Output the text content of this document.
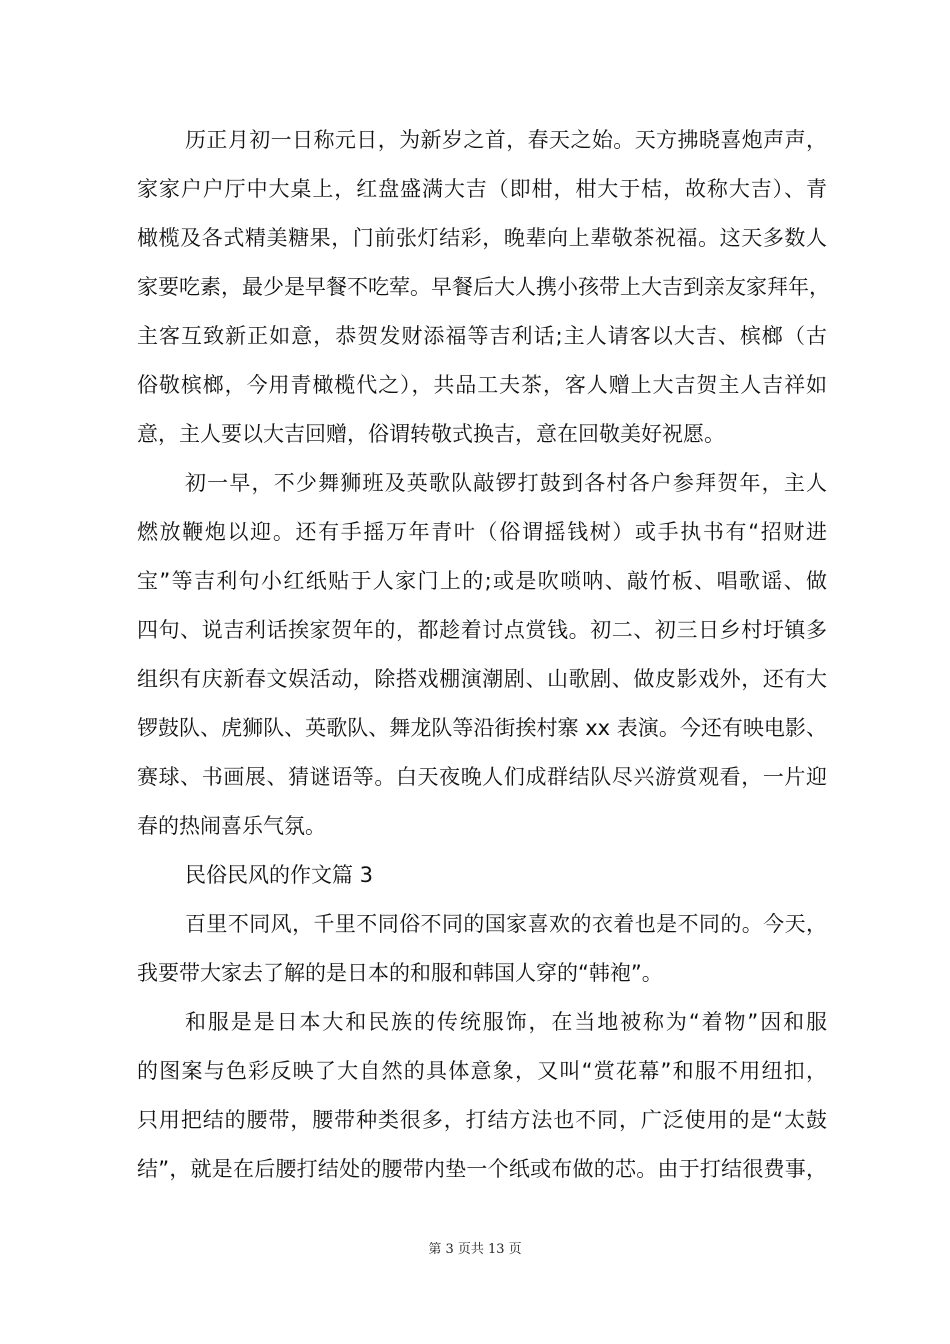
历正月初一日称元日，为新岁之首，春天之始。天方拂晓喜炮声声，
家家户户厅中大桌上，红盘盛满大吉（即柑，柑大于桔，故称大吉）、青
橄榄及各式精美糖果，门前张灯结彩，晚辈向上辈敬茶祝福。这天多数人
家要吃素，最少是早餐不吃荤。早餐后大人携小孩带上大吉到亲友家拜年，
主客互致新正如意，恭贺发财添福等吉利话;主人请客以大吉、槟榔（古
俗敬槟榔，今用青橄榄代之），共品工夫茶，客人赠上大吉贺主人吉祥如
意，主人要以大吉回赠，俗谓转敬式换吉，意在回敬美好祝愿。
初一早，不少舞狮班及英歌队敲锣打鼓到各村各户参拜贺年，主人
燃放鞭炮以迎。还有手摇万年青叶（俗谓摇钱树）或手执书有“招财进
宝”等吉利句小红纸贴于人家门上的;或是吹唢呐、敲竹板、唱歌谣、做
四句、说吉利话挨家贺年的，都趁着讨点赏钱。初二、初三日乡村圩镇多
组织有庆新春文娱活动，除搭戏棚演潮剧、山歌剧、做皮影戏外，还有大
锣鼓队、虎狮队、英歌队、舞龙队等沿街挨村寨 xx 表演。今还有映电影、
赛球、书画展、猜谜语等。白天夜晚人们成群结队尽兴游赏观看，一片迎
春的热闹喜乐气氛。
民俗民风的作文篇 3
百里不同风，千里不同俗不同的国家喜欢的衣着也是不同的。今天，
我要带大家去了解的是日本的和服和韩国人穿的“韩袍”。
和服是是日本大和民族的传统服饰，在当地被称为“着物”因和服
的图案与色彩反映了大自然的具体意象，又叫“赏花幕”和服不用纽扣，
只用把结的腰带，腰带种类很多，打结方法也不同，广泛使用的是“太鼓
结”，就是在后腰打结处的腰带内垫一个纸或布做的芯。由于打结很费事，
第 3 页共 13 页
